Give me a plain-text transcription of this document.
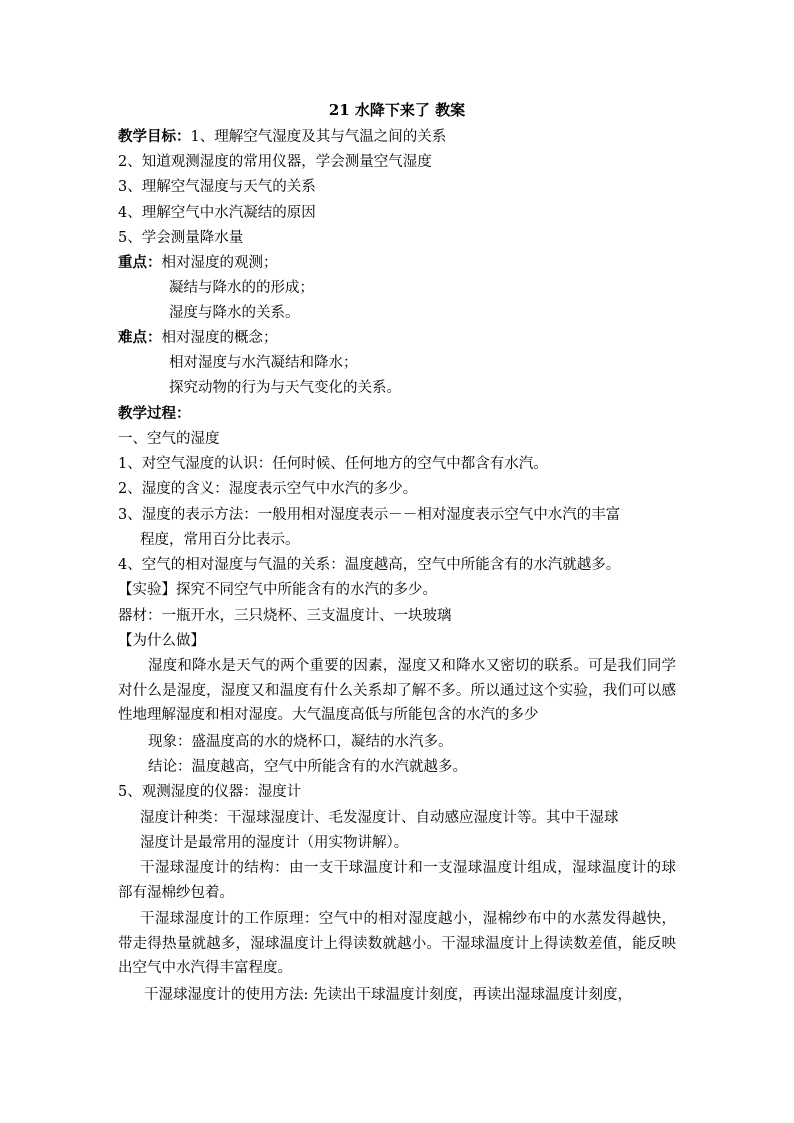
21 水降下来了 教案
教学目标：1、理解空气湿度及其与气温之间的关系
2、知道观测湿度的常用仪器，学会测量空气湿度
3、理解空气湿度与天气的关系
4、理解空气中水汽凝结的原因
5、学会测量降水量
重点：相对湿度的观测；
凝结与降水的的形成；
湿度与降水的关系。
难点：相对湿度的概念；
相对湿度与水汽凝结和降水；
探究动物的行为与天气变化的关系。
教学过程：
一、空气的湿度
1、对空气湿度的认识：任何时候、任何地方的空气中都含有水汽。
2、湿度的含义：湿度表示空气中水汽的多少。
3、湿度的表示方法：一般用相对湿度表示－－相对湿度表示空气中水汽的丰富
程度，常用百分比表示。
4、空气的相对湿度与气温的关系：温度越高，空气中所能含有的水汽就越多。
【实验】探究不同空气中所能含有的水汽的多少。
器材：一瓶开水，三只烧杯、三支温度计、一块玻璃
【为什么做】
湿度和降水是天气的两个重要的因素，湿度又和降水又密切的联系。可是我们同学对什么是湿度，湿度又和温度有什么关系却了解不多。所以通过这个实验，我们可以感性地理解湿度和相对湿度。大气温度高低与所能包含的水汽的多少
现象：盛温度高的水的烧杯口，凝结的水汽多。
结论：温度越高，空气中所能含有的水汽就越多。
5、观测湿度的仪器：湿度计
湿度计种类：干湿球湿度计、毛发湿度计、自动感应湿度计等。其中干湿球
湿度计是最常用的湿度计（用实物讲解）。
干湿球湿度计的结构：由一支干球温度计和一支湿球温度计组成，湿球温度计的球部有湿棉纱包着。
干湿球湿度计的工作原理：空气中的相对湿度越小，湿棉纱布中的水蒸发得越快，带走得热量就越多，湿球温度计上得读数就越小。干湿球温度计上得读数差值，能反映出空气中水汽得丰富程度。
干湿球湿度计的使用方法: 先读出干球温度计刻度，再读出湿球温度计刻度，
